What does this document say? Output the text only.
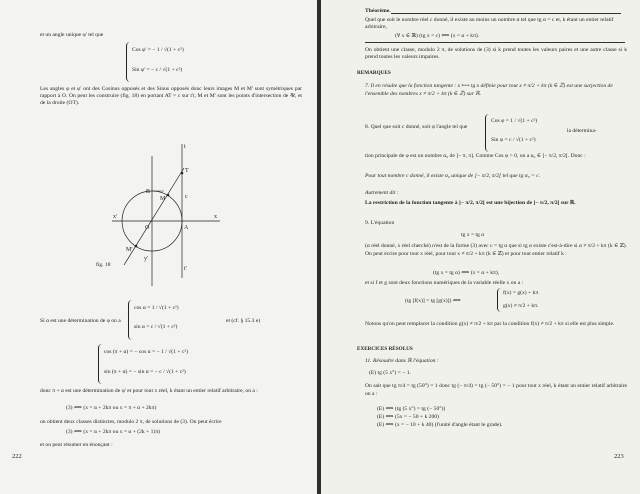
et un angle unique φ' tel que
Cos φ' = − 1 / √(1 + c²)
Sin φ' = − c / √(1 + c²)
Les angles φ et φ' ont des Cosinus opposés et des Sinus opposés donc leurs images M et M' sont symétriques par rapport à O. On peut les construire (fig. 18) en portant AT = c sur t't, M et M' sont les points d'intersection de 𝒰, et de la droite (OT).
t
T
c
B
M
x'
O	A
x
M'
y'
t'
fig. 18
Si α est une détermination de φ on a
cos α = 1 / √(1 + c²)
sin α = c / √(1 + c²)
et (cf. § 15.3 e)
cos (π + α) = − cos α = − 1 / √(1 + c²)
sin (π + α) = − sin α = − c / √(1 + c²)
donc π + α est une détermination de φ' et pour tout x réel, k étant un entier relatif arbitraire, on a :
(3) ⟺ (x = α + 2kπ ou x = π + α + 2kπ)
on obtient deux classes distinctes, modulo 2 π, de solutions de (3). On peut écrire
(3) ⟺ (x = α + 2kπ ou x = α + (2k + 1)π)
et on peut résumer en énonçant :
222
Théorème.
Quel que soit le nombre réel c donné, il existe au moins un nombre α tel que tg α = c et, k étant un entier relatif arbitraire,
(∀ x ∈ ℝ) (tg x = c) ⟺ (x = α + kπ).
On obtient une classe, modulo 2 π, de solutions de (3) si k prend toutes les valeurs paires et une autre classe si k prend toutes les valeurs impaires.
REMARQUES
7. Il en résulte que la fonction tangente : x ⟼ tg x définie pour tout x ≠ π/2 + kπ (k ∈ ℤ) est une surjection de l'ensemble des nombres x ≠ π/2 + kπ (k ∈ ℤ) sur ℝ.
8. Quel que soit c donné, soit φ l'angle tel que
Cos φ = 1 / √(1 + c²)
Sin φ = c / √(1 + c²)
la détermina-
tion principale de φ est un nombre α₀ de ]− π, π]. Comme Cos φ > 0, on a α₀ ∈ ]− π/2, π/2[. Donc :
Pour tout nombre c donné, il existe α₀ unique de ]− π/2, π/2[ tel que tg α₀ = c.
Autrement dit :
La restriction de la fonction tangente à ]− π/2, π/2[ est une bijection de ]− π/2, π/2[ sur ℝ.
9. L'équation
tg x = tg α
(α réel donné, x réel cherché) n'est de la forme (3) avec c = tg α que si tg α existe c'est-à-dire si α ≠ π/2 + kπ (k ∈ ℤ). On peut écrire pour tout x réel, pour tout x ≠ π/2 + kπ (k ∈ ℤ) et pour tout entier relatif k :
(tg x = tg α) ⟺ (x = α + kπ),
et si f et g sont deux fonctions numériques de la variable réelle x on a :
(tg [f(x)] = tg [g(x)]) ⟺
f(x) = g(x) + kπ
g(x) ≠ π/2 + kπ.
Notons qu'on peut remplacer la condition g(x) ≠ π/2 + kπ par la condition f(x) ≠ π/2 + kπ si elle est plus simple.
EXERCICES RÉSOLUS
11. Résoudre dans ℝ l'équation :
(E) tg (5 x°) = − 1.
On sait que tg π/4 = tg (50°) = 1 donc tg (− π/4) = tg (− 50°) = − 1 pour tout x réel, k étant un entier relatif arbitraire on a :
(E) ⟺ (tg (5 x°) = tg (− 50°))
(E) ⟺ (5x = − 50 + k 200)
(E) ⟺ (x = − 10 + k 40) (l'unité d'angle étant le grade).
223
